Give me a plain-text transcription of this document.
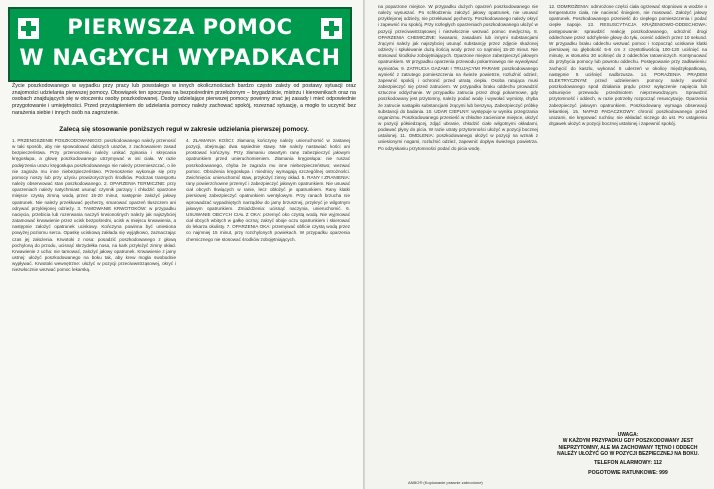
PIERWSZA POMOC
W NAGŁYCH WYPADKACH
Życie poszkodowanego w wypadku przy pracy lub powstałego w innych okolicznościach bardzo często zależy od postawy sytuacji oraz znajomości udzielania pierwszej pomocy. Obowiązek ten spoczywa na bezpośrednim przełożonym – brygadziście, mistrzu i kierownikach oraz na osobach znajdujących się w otoczeniu osoby poszkodowanej. Osoby udzielające pierwszej pomocy powinny znać jej zasady i mieć odpowiednie przygotowanie i umiejętności. Przed przystąpieniem do udzielania pomocy należy zachować spokój, rozeznać sytuację, a mogło to uczynić bez narażenia siebie i innych osób na zagrożenie.
Zalecą się stosowanie poniższych reguł w zakresie udzielania pierwszej pomocy.
1. PRZENOSZENIE POSZKODOWANEGO: poszkodowanego należy przenosić w taki sposób, aby nie spowodować dalszych urazów, z zachowaniem zasad bezpieczeństwa. Przy przenoszeniu należy unikać zginania i skręcania kręgosłupa, a głowę poszkodowanego utrzymywać w osi ciała. W razie podejrzenia urazu kręgosłupa poszkodowanego nie należy przemieszczać, o ile nie zagraża mu inne niebezpieczeństwo. Przenoszenie wykonuje się przy pomocy noszy lub przy użyciu prowizorycznych środków. Podczas transportu należy obserwować stan poszkodowanego. 2. OPARZENIA TERMICZNE: przy oparzeniach należy natychmiast usunąć czynnik parzący i chłodzić oparzone miejsce czystą zimną wodą przez 15-20 minut, następnie założyć jałowy opatrunek. Nie należy przekłuwać pęcherzy, smarować oparzeń tłuszczem ani odrywać przyklejonej odzieży. 3. TAMOWANIE KRWOTOKÓW: w przypadku nacięcia, przebicia lub rozerwania naczyń krwionośnych należy jak najszybciej zatamować krwawienie przez ucisk bezpośredni, ucisk w miejscu krwawienia, a następnie założyć opatrunek uciskowy. Kończyna powinna być uniesiona powyżej poziomu serca. Opaskę uciskową zakłada się wyjątkowo, zaznaczając czas jej założenia. Krwotoki z nosa: posadzić poszkodowanego z głową pochyloną do przodu, ucisnąć skrzydełka nosa, na kark przyłożyć zimny okład. Krwawienie z ucha: nie tamować, założyć jałowy opatrunek. Krwawienie z jamy ustnej: ułożyć poszkodowanego na boku tak, aby krew mogła swobodnie wypływać. Krwotoki wewnętrzne: ułożyć w pozycji przeciwwstrząsowej, okryć i niezwłocznie wezwać pomoc lekarską.
4. ZŁAMANIA KOŚCI: złamaną kończynę należy unieruchomić w zastanej pozycji, obejmując dwa sąsiednie stawy. Nie należy nastawiać kości ani prostować kończyny. Przy złamaniu otwartym ranę zabezpieczyć jałowym opatrunkiem przed unieruchomieniem. Złamania kręgosłupa: nie ruszać poszkodowanego, chyba że zagraża mu inne niebezpieczeństwo; wezwać pomoc. Obrażenia kręgosłupa i miednicy wymagają szczególnej ostrożności. Zwichnięcia: unieruchomić staw, przyłożyć zimny okład. 5. RANY I ZRANIENIA: rany powierzchowne przemyć i zabezpieczyć jałowym opatrunkiem. Nie usuwać ciał obcych tkwiących w ranie, lecz obłożyć je opatrunkiem. Rany klatki piersiowej zabezpieczyć opatrunkiem wentylowym. Przy ranach brzucha nie wprowadzać wypadniętych narządów do jamy brzusznej, przykryć je wilgotnym jałowym opatrunkiem. Zmiażdżenia: ucisnąć naczynia, unieruchomić. 6. USUWANIE OBCYCH CIAŁ Z OKA: przemyć oko czystą wodą. Nie wyjmować ciał obcych wbitych w gałkę oczną; zakryć oboje oczu opatrunkiem i skierować do lekarza okulisty. 7. OPARZENIA OKA: przemywać obficie czystą wodą przez co najmniej 15 minut, przy rozchylonych powiekach. W przypadku oparzenia chemicznego nie stosować środków zobojętniających.
na poparzone miejsce. W przypadku dużych oparzeń poszkodowanego nie należy wysuszać. Po schłodzeniu założyć jałowy opatrunek, nie usuwać przyklejonej odzieży, nie przekłuwać pęcherzy. Poszkodowanego należy okryć i zapewnić mu spokój. Przy rozległych oparzeniach poszkodowanego ułożyć w pozycji przeciwwstrząsowej i niezwłocznie wezwać pomoc medyczną. 8. OPARZENIA CHEMICZNE: kwasami, zasadami lub innymi substancjami żrącymi należy jak najszybciej usunąć substancję przez zdjęcie skażonej odzieży i spłukiwanie dużą ilością wody przez co najmniej 15-20 minut. Nie stosować środków zobojętniających. Oparzone miejsce zabezpieczyć jałowym opatrunkiem. W przypadku oparzenia przewodu pokarmowego nie wywoływać wymiotów. 9. ZATRUCIA GAZAMI I TRUJĄCYMI PARAMI: poszkodowanego wynieść z zatrutego pomieszczenia na świeże powietrze, rozluźnić odzież, zapewnić spokój i ochronić przed utratą ciepła. Osoba ratująca musi zabezpieczyć się przed zatruciem. W przypadku braku oddechu prowadzić sztuczne oddychanie. W przypadku zatrucia przez drogi pokarmowe, gdy poszkodowany jest przytomny, należy podać wodę i wywołać wymioty, chyba że zatrucie nastąpiło substancjami żrącymi lub benzyną. Zabezpieczyć próbkę substancji do badania. 10. UDAR CIEPLNY: występuje w wyniku przegrzania organizmu. Poszkodowanego przenieść w chłodne zacienione miejsce, ułożyć w pozycji półsiedzącej, zdjąć ubranie, chłodzić ciało wilgotnymi okładami, podawać płyny do picia. W razie utraty przytomności ułożyć w pozycji bocznej ustalonej. 11. OMDLENIA: poszkodowanego ułożyć w pozycji na wznak z uniesionymi nogami, rozluźnić odzież, zapewnić dopływ świeżego powietrza. Po odzyskaniu przytomności podać do picia wodę.
12. ODMROŻENIA: odmrożone części ciała ogrzewać stopniowo w wodzie o temperaturze ciała, nie nacierać śniegiem, nie masować. Założyć jałowy opatrunek. Poszkodowanego przenieść do ciepłego pomieszczenia i podać ciepłe napoje. 13. RESUSCYTACJA KRĄŻENIOWO-ODDECHOWA: postępowanie: sprawdzić reakcję poszkodowanego, udrożnić drogi oddechowe przez odchylenie głowy do tyłu, ocenić oddech przez 10 sekund. W przypadku braku oddechu wezwać pomoc i rozpocząć uciskanie klatki piersiowej na głębokość 5-6 cm z częstotliwością 100-120 uciśnięć na minutę, w stosunku 30 uciśnięć do 2 oddechów ratowniczych. Kontynuować do przybycia pomocy lub powrotu oddechu. Postępowanie przy zadławieniu: zachęcić do kaszlu, wykonać 5 uderzeń w okolicę międzyłopatkową, następnie 5 uciśnięć nadbrzusza. 14. PORAŻENIA PRĄDEM ELEKTRYCZNYM: przed udzieleniem pomocy należy uwolnić poszkodowanego spod działania prądu przez wyłączenie napięcia lub odsunięcie przewodu przedmiotem nieprzewodzącym. Sprawdzić przytomność i oddech, w razie potrzeby rozpocząć resuscytację. Oparzenia zabezpieczyć jałowym opatrunkiem. Poszkodowany wymaga obserwacji lekarskiej. 15. NAPAD PADACZKOWY: chronić poszkodowanego przed urazami, nie krępować ruchów, nie wkładać niczego do ust. Po ustąpieniu drgawek ułożyć w pozycji bocznej ustalonej i zapewnić spokój.
UWAGA:
W KAŻDYM PRZYPADKU GDY POSZKODOWANY JEST NIEPRZYTOMNY, ALE MA ZACHOWANY TĘTNO I ODDECH NALEŻY UŁOŻYĆ GO W POZYCJI BEZPIECZNEJ NA BOKU.
TELEFON ALARMOWY: 112
POGOTOWIE RATUNKOWE: 999
ANBO® (Kopiowanie prawnie zabronione)
